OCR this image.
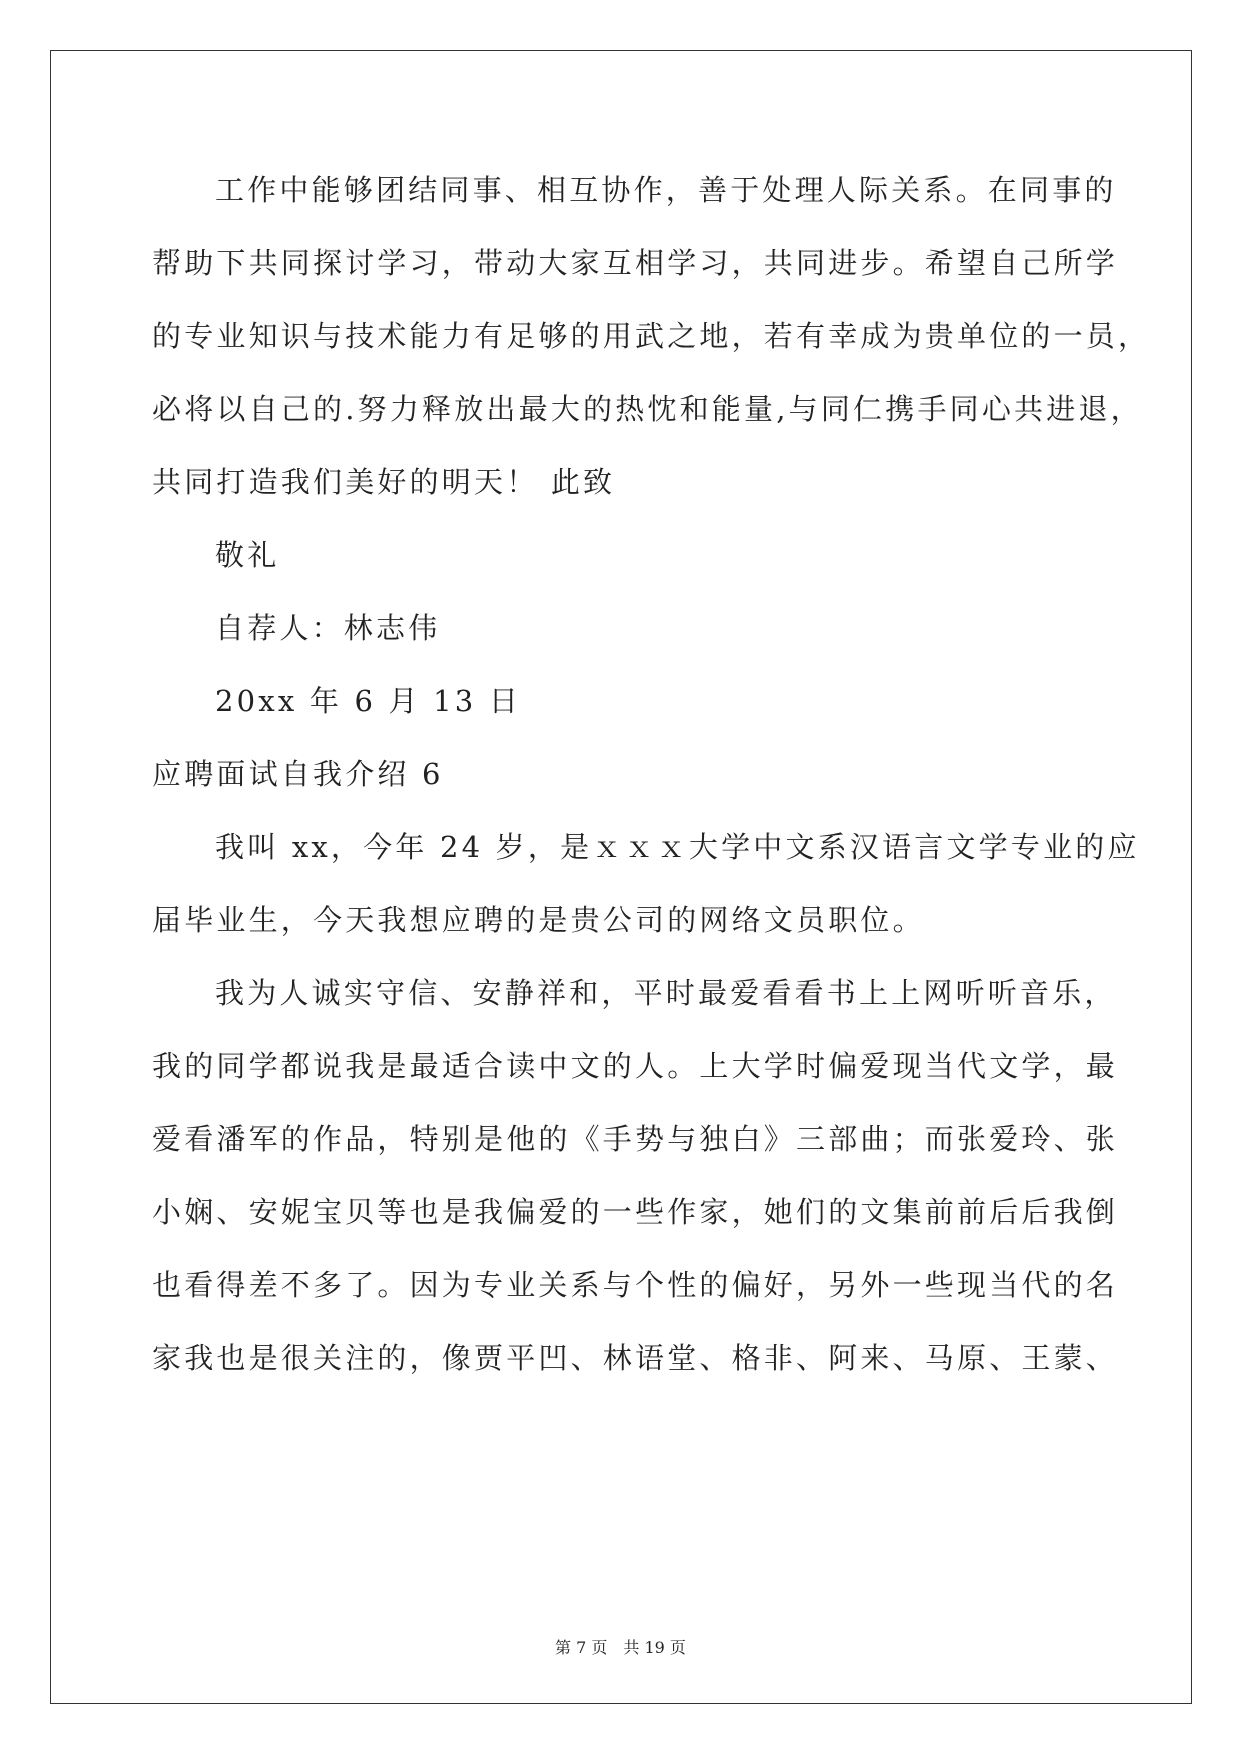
工作中能够团结同事、相互协作，善于处理人际关系。在同事的
帮助下共同探讨学习，带动大家互相学习，共同进步。希望自己所学
的专业知识与技术能力有足够的用武之地，若有幸成为贵单位的一员，
必将以自己的.努力释放出最大的热忱和能量,与同仁携手同心共进退，
共同打造我们美好的明天！ 此致
敬礼
自荐人：林志伟
20xx 年 6 月 13 日
应聘面试自我介绍 6
我叫 xx，今年 24 岁，是ｘｘｘ大学中文系汉语言文学专业的应
届毕业生，今天我想应聘的是贵公司的网络文员职位。
我为人诚实守信、安静祥和，平时最爱看看书上上网听听音乐，
我的同学都说我是最适合读中文的人。上大学时偏爱现当代文学，最
爱看潘军的作品，特别是他的《手势与独白》三部曲；而张爱玲、张
小娴、安妮宝贝等也是我偏爱的一些作家，她们的文集前前后后我倒
也看得差不多了。因为专业关系与个性的偏好，另外一些现当代的名
家我也是很关注的，像贾平凹、林语堂、格非、阿来、马原、王蒙、
第 7 页　共 19 页
